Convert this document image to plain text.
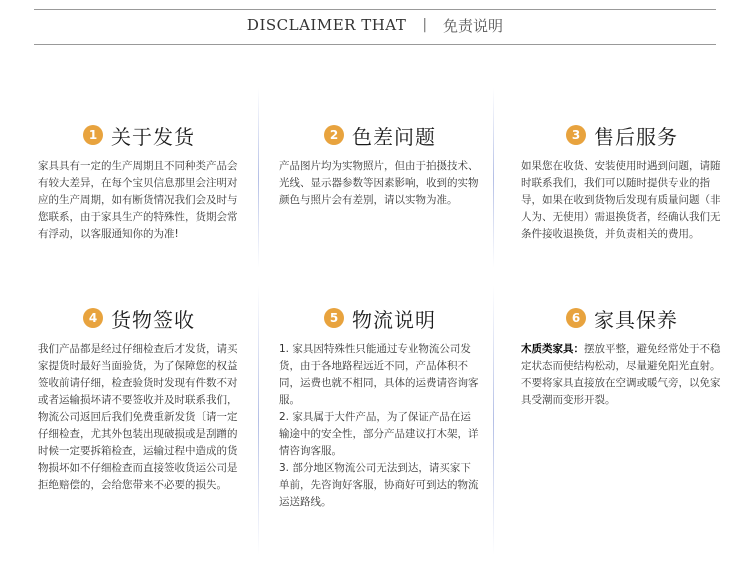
DISCLAIMER THAT | 免责说明
1 关于发货

家具具有一定的生产周期且不同种类产品会有较大差异，在每个宝贝信息那里会注明对应的生产周期，如有断货情况我们会及时与您联系，由于家具生产的特殊性，货期会常有浮动，以客服通知你的为准!

2 色差问题

产品图片均为实物照片，但由于拍摄技术、光线、显示器参数等因素影响，收到的实物颜色与照片会有差别，请以实物为准。

3 售后服务

如果您在收货、安装使用时遇到问题，请随时联系我们，我们可以随时提供专业的指导，如果在收到货物后发现有质量问题（非人为、无使用）需退换货者，经确认我们无条件接收退换货，并负责相关的费用。

4 货物签收

我们产品都是经过仔细检查后才发货，请买家提货时最好当面验货，为了保障您的权益签收前请仔细，检查验货时发现有件数不对或者运输损坏请不要签收并及时联系我们，物流公司返回后我们免费重新发货〔请一定仔细检查，尤其外包装出现破损或是刮蹭的时候一定要拆箱检查，运输过程中造成的货物损坏如不仔细检查而直接签收货运公司是拒绝赔偿的，会给您带来不必要的损失。

5 物流说明

1. 家具因特殊性只能通过专业物流公司发货，由于各地路程远近不同，产品体积不同，运费也就不相同，具体的运费请咨询客服。

2. 家具属于大件产品，为了保证产品在运输途中的安全性，部分产品建议打木架，详情咨询客服。

3. 部分地区物流公司无法到达，请买家下单前，先咨询好客服，协商好可到达的物流运送路线。

6 家具保养

木质类家具：摆放平整，避免经常处于不稳定状态而使结构松动，尽量避免阳光直射。不要将家具直接放在空调或暖气旁，以免家具受潮而变形开裂。
